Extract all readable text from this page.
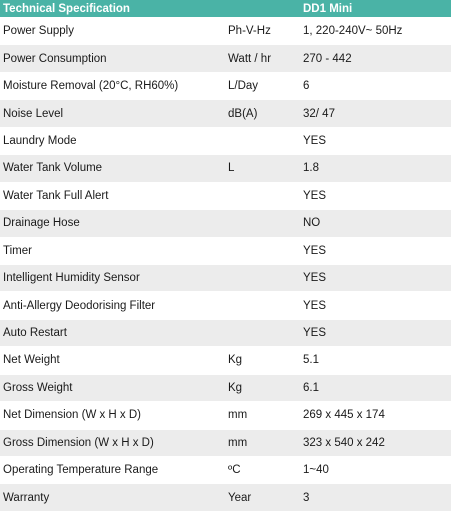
Technical Specification		DD1 Mini
Power Supply	Ph-V-Hz	1, 220-240V~ 50Hz
Power Consumption	Watt / hr	270 - 442
Moisture Removal (20°C, RH60%)	L/Day	6
Noise Level	dB(A)	32/ 47
Laundry Mode		YES
Water Tank Volume	L	1.8
Water Tank Full Alert		YES
Drainage Hose		NO
Timer		YES
Intelligent Humidity Sensor		YES
Anti-Allergy Deodorising Filter		YES
Auto Restart		YES
Net Weight	Kg	5.1
Gross Weight	Kg	6.1
Net Dimension (W x H x D)	mm	269 x 445 x 174
Gross Dimension (W x H x D)	mm	323 x 540 x 242
Operating Temperature Range	ºC	1~40
Warranty	Year	3
